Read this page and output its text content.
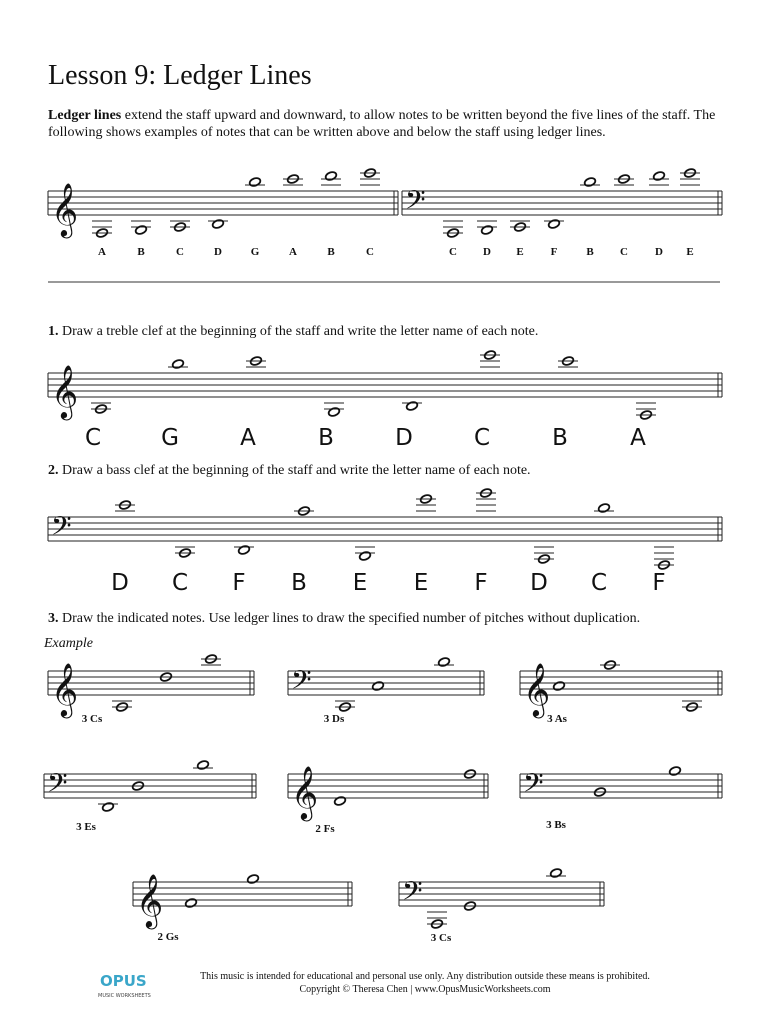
Lesson 9: Ledger Lines

Ledger lines extend the staff upward and downward, to allow notes to be written beyond the five lines of the staff. The following shows examples of notes that can be written above and below the staff using ledger lines.

1. Draw a treble clef at the beginning of the staff and write the letter name of each note.

2. Draw a bass clef at the beginning of the staff and write the letter name of each note.

3. Draw the indicated notes. Use ledger lines to draw the specified number of pitches without duplication.

Example
𝄞	𝄢
𝄞
𝄢
𝄞	𝄢	𝄞
𝄢	𝄞	𝄢
𝄞	𝄢
A	B	C	D	G	A	B	C	C D E F	B C D E
C	G	A	B	D	C	B	A
D C F B E E F D C F
3 Cs	3 Ds	3 As
3 Es	2 Fs	3 Bs
2 Gs	3 Cs
OPUS
MUSIC WORKSHEETS
This music is intended for educational and personal use only. Any distribution outside these means is prohibited.
Copyright © Theresa Chen | www.OpusMusicWorksheets.com
